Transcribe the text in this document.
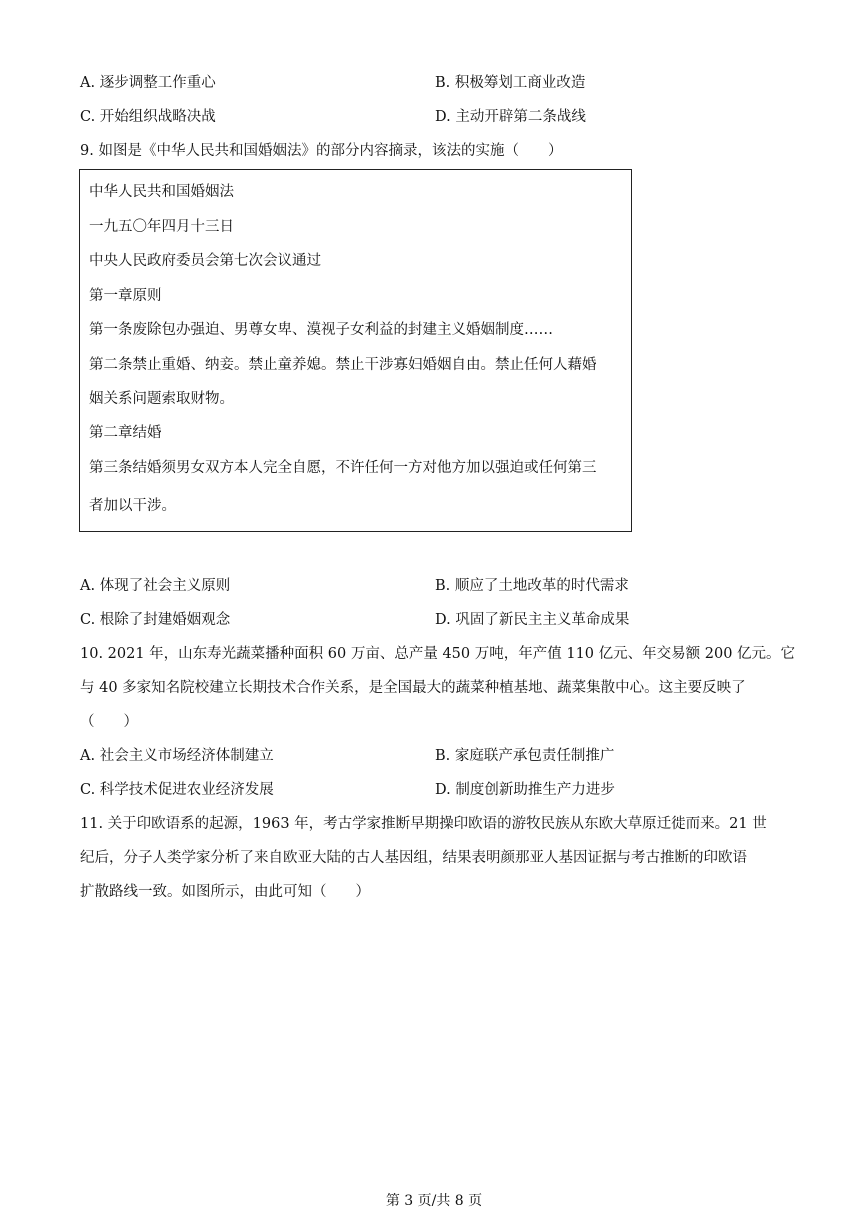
A. 逐步调整工作重心	B. 积极筹划工商业改造
C. 开始组织战略决战	D. 主动开辟第二条战线
9. 如图是《中华人民共和国婚姻法》的部分内容摘录，该法的实施（　　）
中华人民共和国婚姻法
一九五〇年四月十三日
中央人民政府委员会第七次会议通过
第一章原则
第一条废除包办强迫、男尊女卑、漠视子女利益的封建主义婚姻制度……
第二条禁止重婚、纳妾。禁止童养媳。禁止干涉寡妇婚姻自由。禁止任何人藉婚
姻关系问题索取财物。
第二章结婚
第三条结婚须男女双方本人完全自愿，不许任何一方对他方加以强迫或任何第三
者加以干涉。
A. 体现了社会主义原则	B. 顺应了土地改革的时代需求
C. 根除了封建婚姻观念	D. 巩固了新民主主义革命成果
10. 2021 年，山东寿光蔬菜播种面积 60 万亩、总产量 450 万吨，年产值 110 亿元、年交易额 200 亿元。它
与 40 多家知名院校建立长期技术合作关系，是全国最大的蔬菜种植基地、蔬菜集散中心。这主要反映了
（　　）
A. 社会主义市场经济体制建立	B. 家庭联产承包责任制推广
C. 科学技术促进农业经济发展	D. 制度创新助推生产力进步
11. 关于印欧语系的起源，1963 年，考古学家推断早期操印欧语的游牧民族从东欧大草原迁徙而来。21 世
纪后，分子人类学家分析了来自欧亚大陆的古人基因组，结果表明颜那亚人基因证据与考古推断的印欧语
扩散路线一致。如图所示，由此可知（　　）
第 3 页/共 8 页
